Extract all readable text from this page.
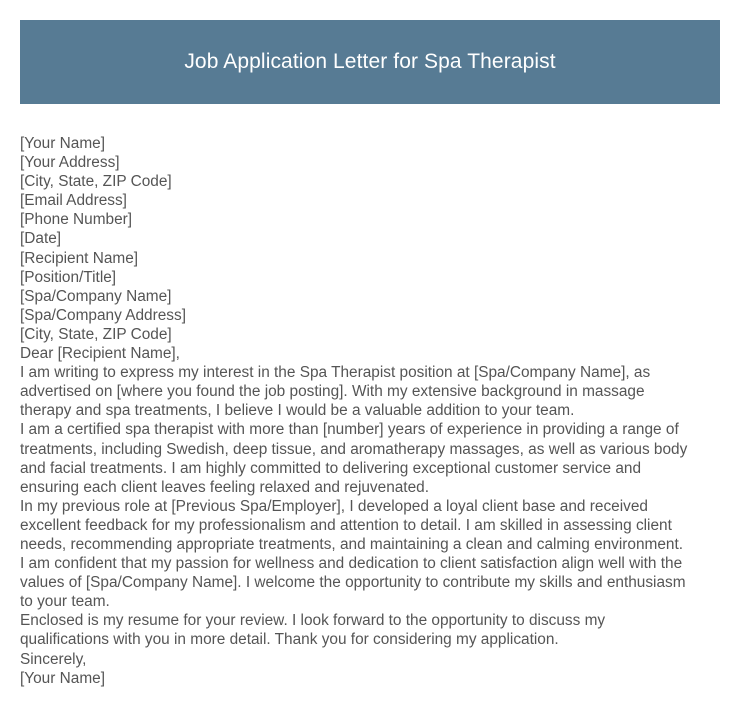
Job Application Letter for Spa Therapist
[Your Name]
[Your Address]
[City, State, ZIP Code]
[Email Address]
[Phone Number]
[Date]
[Recipient Name]
[Position/Title]
[Spa/Company Name]
[Spa/Company Address]
[City, State, ZIP Code]
Dear [Recipient Name],
I am writing to express my interest in the Spa Therapist position at [Spa/Company Name], as
advertised on [where you found the job posting]. With my extensive background in massage
therapy and spa treatments, I believe I would be a valuable addition to your team.
I am a certified spa therapist with more than [number] years of experience in providing a range of
treatments, including Swedish, deep tissue, and aromatherapy massages, as well as various body
and facial treatments. I am highly committed to delivering exceptional customer service and
ensuring each client leaves feeling relaxed and rejuvenated.
In my previous role at [Previous Spa/Employer], I developed a loyal client base and received
excellent feedback for my professionalism and attention to detail. I am skilled in assessing client
needs, recommending appropriate treatments, and maintaining a clean and calming environment.
I am confident that my passion for wellness and dedication to client satisfaction align well with the
values of [Spa/Company Name]. I welcome the opportunity to contribute my skills and enthusiasm
to your team.
Enclosed is my resume for your review. I look forward to the opportunity to discuss my
qualifications with you in more detail. Thank you for considering my application.
Sincerely,
[Your Name]
